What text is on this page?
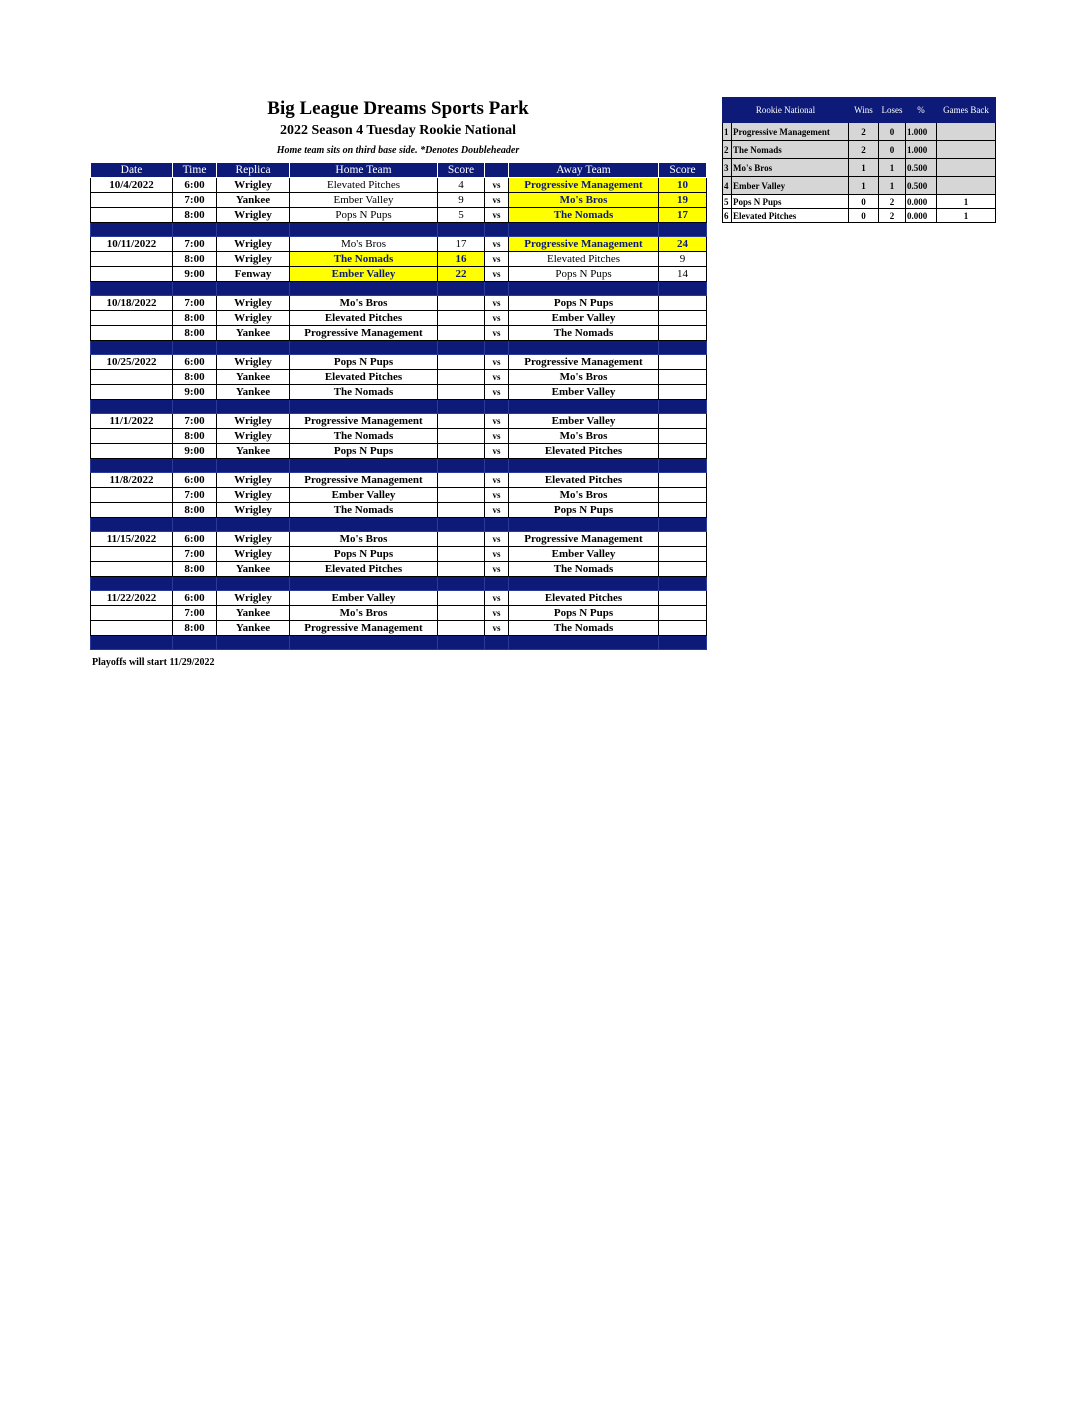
Big League Dreams Sports Park
2022 Season 4 Tuesday Rookie National
Home team sits on third base side. *Denotes Doubleheader
Date	Time	Replica	Home Team	Score		Away Team	Score
10/4/2022	6:00	Wrigley	Elevated Pitches	4	vs	Progressive Management	10
	7:00	Yankee	Ember Valley	9	vs	Mo's Bros	19
	8:00	Wrigley	Pops N Pups	5	vs	The Nomads	17

10/11/2022	7:00	Wrigley	Mo's Bros	17	vs	Progressive Management	24
	8:00	Wrigley	The Nomads	16	vs	Elevated Pitches	9
	9:00	Fenway	Ember Valley	22	vs	Pops N Pups	14

10/18/2022	7:00	Wrigley	Mo's Bros		vs	Pops N Pups	
	8:00	Wrigley	Elevated Pitches		vs	Ember Valley	
	8:00	Yankee	Progressive Management		vs	The Nomads	

10/25/2022	6:00	Wrigley	Pops N Pups		vs	Progressive Management	
	8:00	Yankee	Elevated Pitches		vs	Mo's Bros	
	9:00	Yankee	The Nomads		vs	Ember Valley	

11/1/2022	7:00	Wrigley	Progressive Management		vs	Ember Valley	
	8:00	Wrigley	The Nomads		vs	Mo's Bros	
	9:00	Yankee	Pops N Pups		vs	Elevated Pitches	

11/8/2022	6:00	Wrigley	Progressive Management		vs	Elevated Pitches	
	7:00	Wrigley	Ember Valley		vs	Mo's Bros	
	8:00	Wrigley	The Nomads		vs	Pops N Pups	

11/15/2022	6:00	Wrigley	Mo's Bros		vs	Progressive Management	
	7:00	Wrigley	Pops N Pups		vs	Ember Valley	
	8:00	Yankee	Elevated Pitches		vs	The Nomads	

11/22/2022	6:00	Wrigley	Ember Valley		vs	Elevated Pitches	
	7:00	Yankee	Mo's Bros		vs	Pops N Pups	
	8:00	Yankee	Progressive Management		vs	The Nomads	

Playoffs will start 11/29/2022
Rookie National		Wins	Loses	%	Games Back
1	Progressive Management	2	0	1.000	
2	The Nomads	2	0	1.000	
3	Mo's Bros	1	1	0.500	
4	Ember Valley	1	1	0.500	
5	Pops N Pups	0	2	0.000	1
6	Elevated Pitches	0	2	0.000	1
